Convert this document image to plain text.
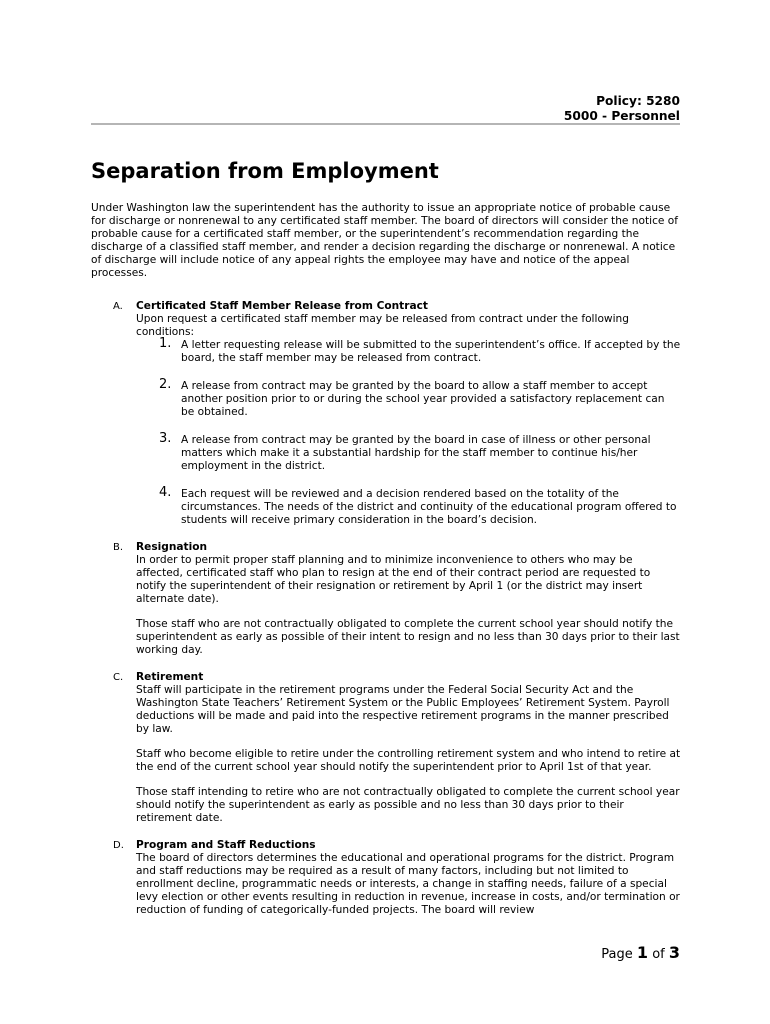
Policy: 5280
5000 - Personnel
Separation from Employment

Under Washington law the superintendent has the authority to issue an appropriate notice of probable cause for discharge or nonrenewal to any certificated staff member. The board of directors will consider the notice of probable cause for a certificated staff member, or the superintendent’s recommendation regarding the discharge of a classified staff member, and render a decision regarding the discharge or nonrenewal. A notice of discharge will include notice of any appeal rights the employee may have and notice of the appeal processes.

A. Certificated Staff Member Release from Contract

Upon request a certificated staff member may be released from contract under the following conditions:

1. A letter requesting release will be submitted to the superintendent’s office. If accepted by the board, the staff member may be released from contract.
2. A release from contract may be granted by the board to allow a staff member to accept another position prior to or during the school year provided a satisfactory replacement can be obtained.
3. A release from contract may be granted by the board in case of illness or other personal matters which make it a substantial hardship for the staff member to continue his/her employment in the district.
4. Each request will be reviewed and a decision rendered based on the totality of the circumstances. The needs of the district and continuity of the educational program offered to students will receive primary consideration in the board’s decision.
B. Resignation

In order to permit proper staff planning and to minimize inconvenience to others who may be affected, certificated staff who plan to resign at the end of their contract period are requested to notify the superintendent of their resignation or retirement by April 1 (or the district may insert alternate date).

Those staff who are not contractually obligated to complete the current school year should notify the superintendent as early as possible of their intent to resign and no less than 30 days prior to their last working day.

C. Retirement

Staff will participate in the retirement programs under the Federal Social Security Act and the Washington State Teachers’ Retirement System or the Public Employees’ Retirement System. Payroll deductions will be made and paid into the respective retirement programs in the manner prescribed by law.

Staff who become eligible to retire under the controlling retirement system and who intend to retire at the end of the current school year should notify the superintendent prior to April 1st of that year.

Those staff intending to retire who are not contractually obligated to complete the current school year should notify the superintendent as early as possible and no less than 30 days prior to their retirement date.

D. Program and Staff Reductions

The board of directors determines the educational and operational programs for the district. Program and staff reductions may be required as a result of many factors, including but not limited to enrollment decline, programmatic needs or interests, a change in staffing needs, failure of a special levy election or other events resulting in reduction in revenue, increase in costs, and/or termination or reduction of funding of categorically-funded projects. The board will review

Page 1 of 3
